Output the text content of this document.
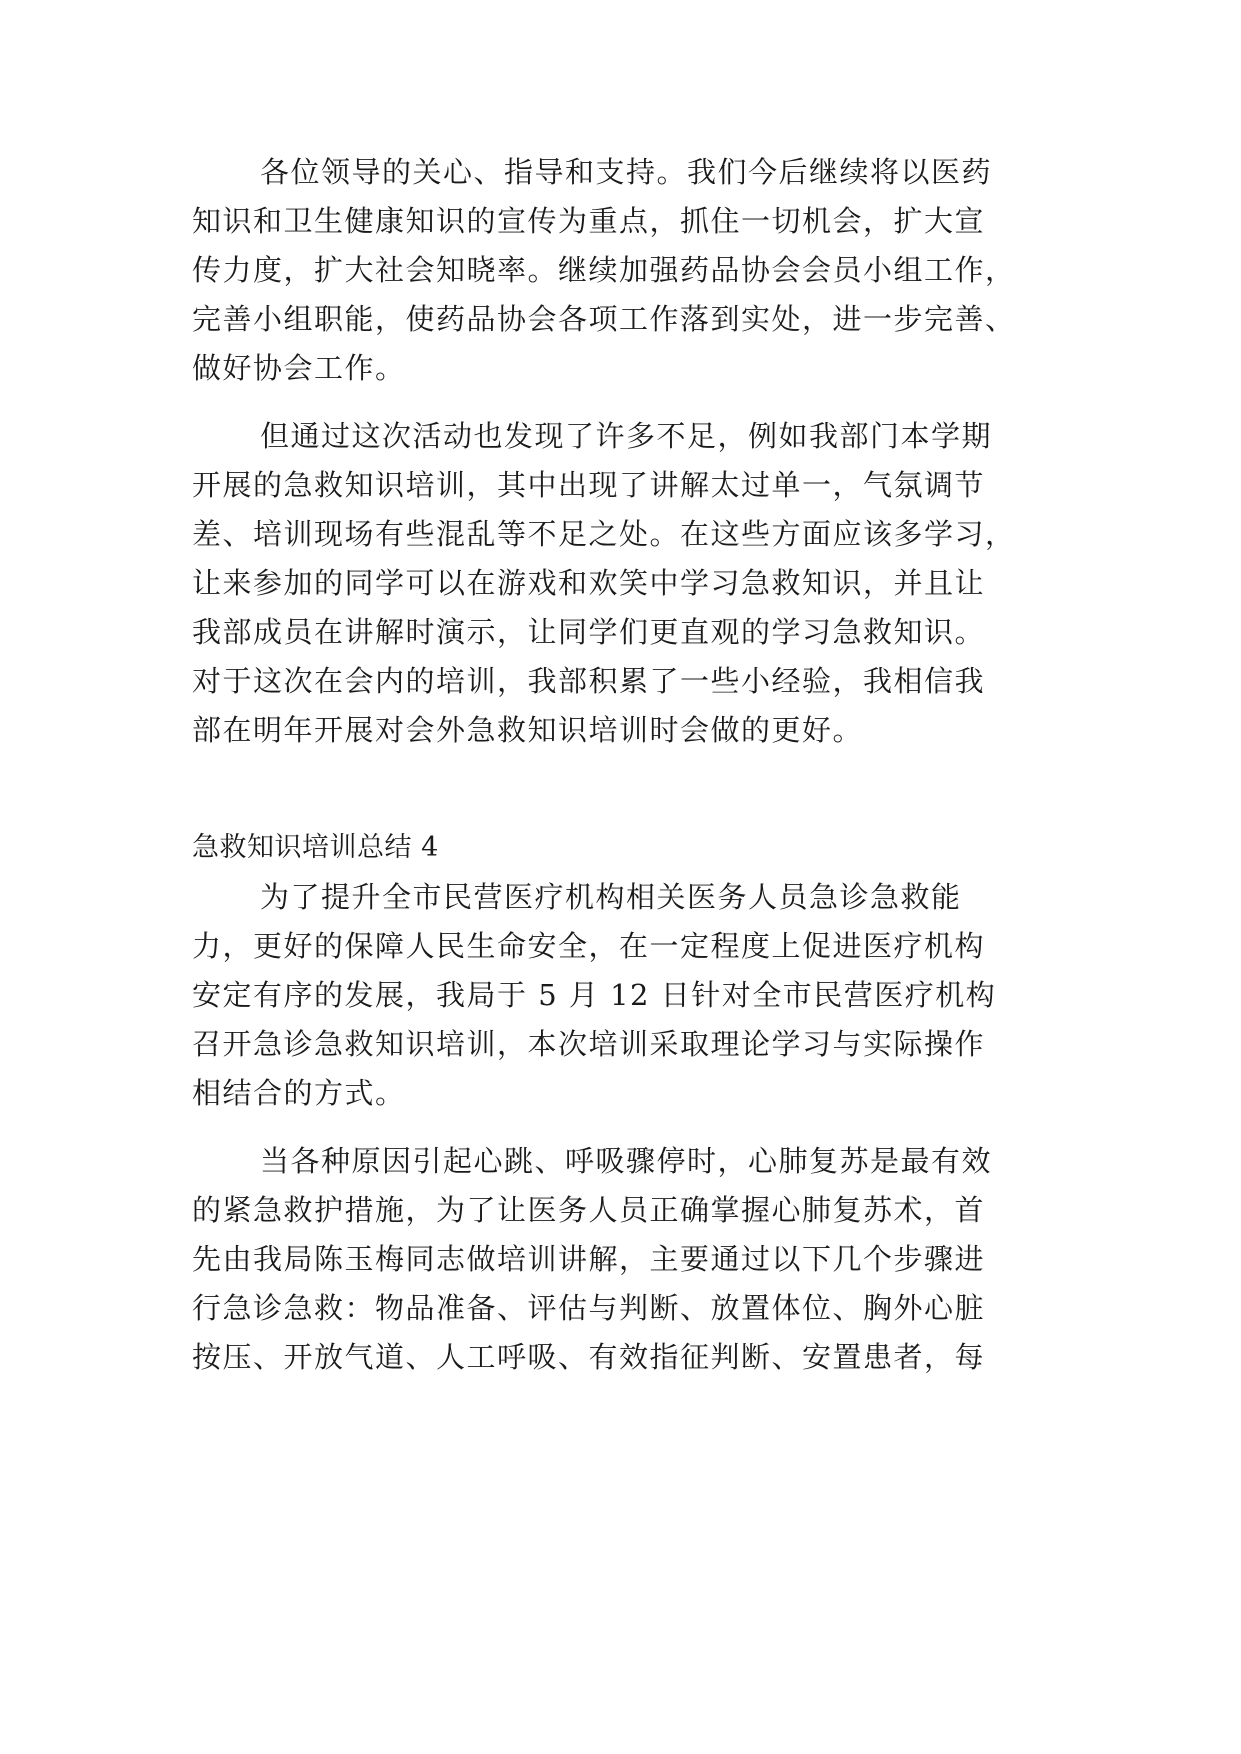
各位领导的关心、指导和支持。我们今后继续将以医药
知识和卫生健康知识的宣传为重点，抓住一切机会，扩大宣
传力度，扩大社会知晓率。继续加强药品协会会员小组工作，
完善小组职能，使药品协会各项工作落到实处，进一步完善、
做好协会工作。
但通过这次活动也发现了许多不足，例如我部门本学期
开展的急救知识培训，其中出现了讲解太过单一，气氛调节
差、培训现场有些混乱等不足之处。在这些方面应该多学习，
让来参加的同学可以在游戏和欢笑中学习急救知识，并且让
我部成员在讲解时演示，让同学们更直观的学习急救知识。
对于这次在会内的培训，我部积累了一些小经验，我相信我
部在明年开展对会外急救知识培训时会做的更好。
急救知识培训总结 4
为了提升全市民营医疗机构相关医务人员急诊急救能
力，更好的保障人民生命安全，在一定程度上促进医疗机构
安定有序的发展，我局于 5 月 12 日针对全市民营医疗机构
召开急诊急救知识培训，本次培训采取理论学习与实际操作
相结合的方式。
当各种原因引起心跳、呼吸骤停时，心肺复苏是最有效
的紧急救护措施，为了让医务人员正确掌握心肺复苏术，首
先由我局陈玉梅同志做培训讲解，主要通过以下几个步骤进
行急诊急救：物品准备、评估与判断、放置体位、胸外心脏
按压、开放气道、人工呼吸、有效指征判断、安置患者，每
